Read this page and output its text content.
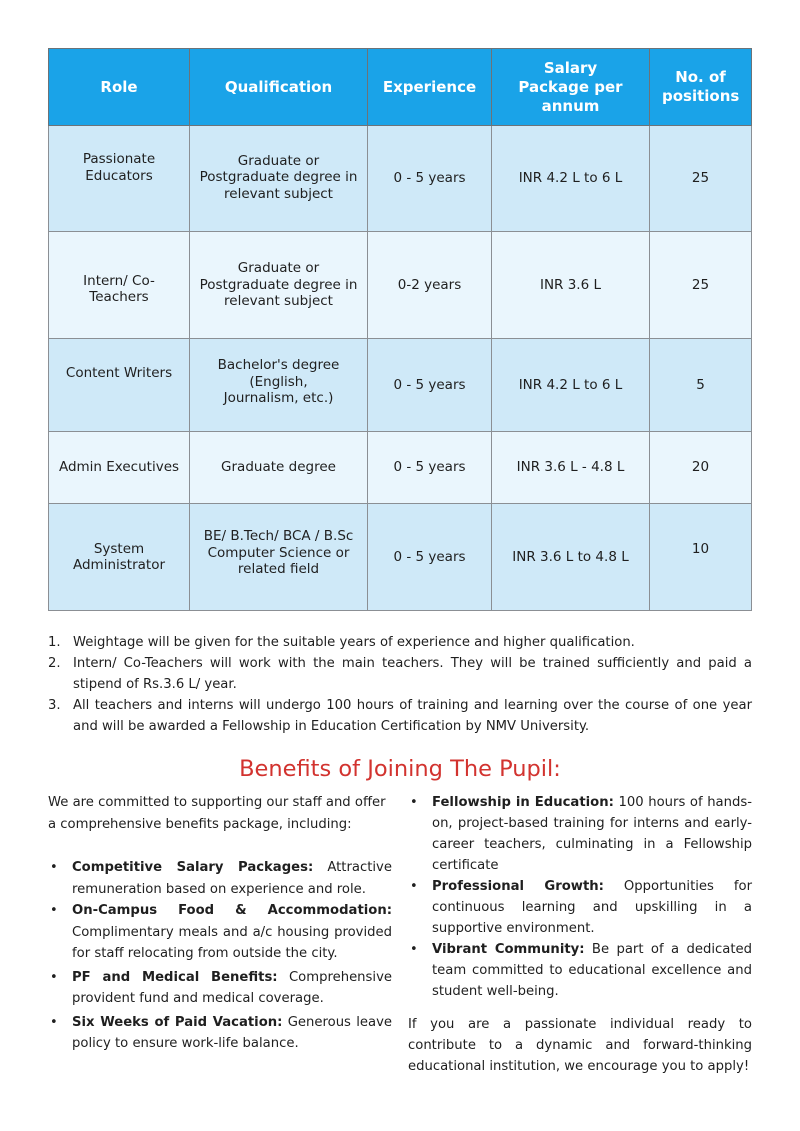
Role	Qualification	Experience	Salary Package per annum	No. of positions
Passionate Educators	Graduate or Postgraduate degree in relevant subject	0 - 5 years	INR 4.2 L to 6 L	25
Intern/ Co-Teachers	Graduate or Postgraduate degree in relevant subject	0-2 years	INR 3.6 L	25
Content Writers	Bachelor's degree (English, Journalism, etc.)	0 - 5 years	INR 4.2 L to 6 L	5
Admin Executives	Graduate degree	0 - 5 years	INR 3.6 L - 4.8 L	20
System Administrator	BE/ B.Tech/ BCA / B.Sc Computer Science or related field	0 - 5 years	INR 3.6 L to 4.8 L	10
1. Weightage will be given for the suitable years of experience and higher qualification.
2. Intern/ Co-Teachers will work with the main teachers. They will be trained sufficiently and paid a stipend of Rs.3.6 L/ year.
3. All teachers and interns will undergo 100 hours of training and learning over the course of one year and will be awarded a Fellowship in Education Certification by NMV University.
Benefits of Joining The Pupil:

We are committed to supporting our staff and offer a comprehensive benefits package, including:

• Competitive Salary Packages: Attractive remuneration based on experience and role.
• On-Campus Food & Accommodation: Complimentary meals and a/c housing provided for staff relocating from outside the city.
• PF and Medical Benefits: Comprehensive provident fund and medical coverage.
• Six Weeks of Paid Vacation: Generous leave policy to ensure work-life balance.
• Fellowship in Education: 100 hours of hands-on, project-based training for interns and early-career teachers, culminating in a Fellowship certificate
• Professional Growth: Opportunities for continuous learning and upskilling in a supportive environment.
• Vibrant Community: Be part of a dedicated team committed to educational excellence and student well-being.

If you are a passionate individual ready to contribute to a dynamic and forward-thinking educational institution, we encourage you to apply!
